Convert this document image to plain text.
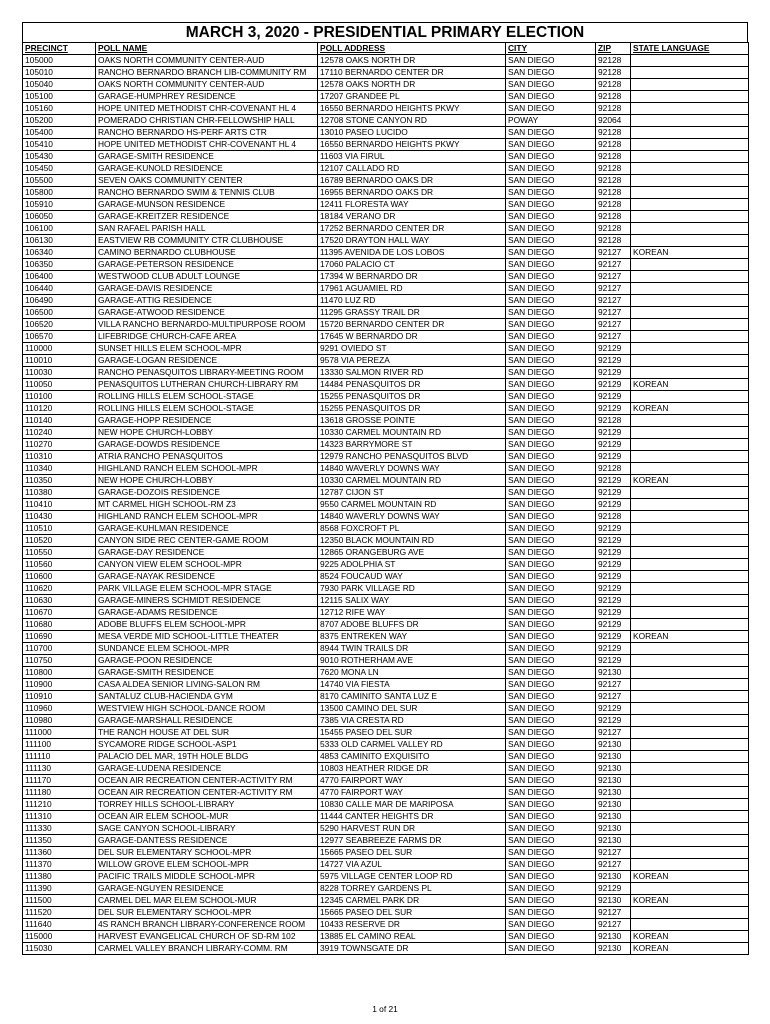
MARCH 3, 2020 - PRESIDENTIAL PRIMARY ELECTION
PRECINCT	POLL NAME	POLL ADDRESS	CITY	ZIP	STATE LANGUAGE
105000	OAKS NORTH COMMUNITY CENTER-AUD	12578 OAKS NORTH DR	SAN DIEGO	92128	
105010	RANCHO BERNARDO BRANCH LIB-COMMUNITY RM	17110 BERNARDO CENTER DR	SAN DIEGO	92128	
105040	OAKS NORTH COMMUNITY CENTER-AUD	12578 OAKS NORTH DR	SAN DIEGO	92128	
105100	GARAGE-HUMPHREY RESIDENCE	17207 GRANDEE PL	SAN DIEGO	92128	
105160	HOPE UNITED METHODIST CHR-COVENANT HL 4	16550 BERNARDO HEIGHTS PKWY	SAN DIEGO	92128	
105200	POMERADO CHRISTIAN CHR-FELLOWSHIP HALL	12708 STONE CANYON RD	POWAY	92064	
105400	RANCHO BERNARDO HS-PERF ARTS CTR	13010 PASEO LUCIDO	SAN DIEGO	92128	
105410	HOPE UNITED METHODIST CHR-COVENANT HL 4	16550 BERNARDO HEIGHTS PKWY	SAN DIEGO	92128	
105430	GARAGE-SMITH RESIDENCE	11603 VIA FIRUL	SAN DIEGO	92128	
105450	GARAGE-KUNOLD RESIDENCE	12107 CALLADO RD	SAN DIEGO	92128	
105500	SEVEN OAKS COMMUNITY CENTER	16789 BERNARDO OAKS DR	SAN DIEGO	92128	
105800	RANCHO BERNARDO SWIM & TENNIS CLUB	16955 BERNARDO OAKS DR	SAN DIEGO	92128	
105910	GARAGE-MUNSON RESIDENCE	12411 FLORESTA WAY	SAN DIEGO	92128	
106050	GARAGE-KREITZER RESIDENCE	18184 VERANO DR	SAN DIEGO	92128	
106100	SAN RAFAEL PARISH HALL	17252 BERNARDO CENTER DR	SAN DIEGO	92128	
106130	EASTVIEW RB COMMUNITY CTR CLUBHOUSE	17520 DRAYTON HALL WAY	SAN DIEGO	92128	
106340	CAMINO BERNARDO CLUBHOUSE	11395 AVENIDA DE LOS LOBOS	SAN DIEGO	92127	KOREAN
106350	GARAGE-PETERSON RESIDENCE	17060 PALACIO CT	SAN DIEGO	92127	
106400	WESTWOOD CLUB ADULT LOUNGE	17394 W BERNARDO DR	SAN DIEGO	92127	
106440	GARAGE-DAVIS RESIDENCE	17961 AGUAMIEL RD	SAN DIEGO	92127	
106490	GARAGE-ATTIG RESIDENCE	11470 LUZ RD	SAN DIEGO	92127	
106500	GARAGE-ATWOOD RESIDENCE	11295 GRASSY TRAIL DR	SAN DIEGO	92127	
106520	VILLA RANCHO BERNARDO-MULTIPURPOSE ROOM	15720 BERNARDO CENTER DR	SAN DIEGO	92127	
106570	LIFEBRIDGE CHURCH-CAFE AREA	17645 W BERNARDO DR	SAN DIEGO	92127	
110000	SUNSET HILLS ELEM SCHOOL-MPR	9291 OVIEDO ST	SAN DIEGO	92129	
110010	GARAGE-LOGAN RESIDENCE	9578 VIA PEREZA	SAN DIEGO	92129	
110030	RANCHO PENASQUITOS LIBRARY-MEETING ROOM	13330 SALMON RIVER RD	SAN DIEGO	92129	
110050	PENASQUITOS LUTHERAN CHURCH-LIBRARY RM	14484 PENASQUITOS DR	SAN DIEGO	92129	KOREAN
110100	ROLLING HILLS ELEM SCHOOL-STAGE	15255 PENASQUITOS DR	SAN DIEGO	92129	
110120	ROLLING HILLS ELEM SCHOOL-STAGE	15255 PENASQUITOS DR	SAN DIEGO	92129	KOREAN
110140	GARAGE-HOPP RESIDENCE	13618 GROSSE POINTE	SAN DIEGO	92128	
110240	NEW HOPE CHURCH-LOBBY	10330 CARMEL MOUNTAIN RD	SAN DIEGO	92129	
110270	GARAGE-DOWDS RESIDENCE	14323 BARRYMORE ST	SAN DIEGO	92129	
110310	ATRIA RANCHO PENASQUITOS	12979 RANCHO PENASQUITOS BLVD	SAN DIEGO	92129	
110340	HIGHLAND RANCH ELEM SCHOOL-MPR	14840 WAVERLY DOWNS WAY	SAN DIEGO	92128	
110350	NEW HOPE CHURCH-LOBBY	10330 CARMEL MOUNTAIN RD	SAN DIEGO	92129	KOREAN
110380	GARAGE-DOZOIS RESIDENCE	12787 CIJON ST	SAN DIEGO	92129	
110410	MT CARMEL HIGH SCHOOL-RM Z3	9550 CARMEL MOUNTAIN RD	SAN DIEGO	92129	
110430	HIGHLAND RANCH ELEM SCHOOL-MPR	14840 WAVERLY DOWNS WAY	SAN DIEGO	92128	
110510	GARAGE-KUHLMAN RESIDENCE	8568 FOXCROFT PL	SAN DIEGO	92129	
110520	CANYON SIDE REC CENTER-GAME ROOM	12350 BLACK MOUNTAIN RD	SAN DIEGO	92129	
110550	GARAGE-DAY RESIDENCE	12865 ORANGEBURG AVE	SAN DIEGO	92129	
110560	CANYON VIEW ELEM SCHOOL-MPR	9225 ADOLPHIA ST	SAN DIEGO	92129	
110600	GARAGE-NAYAK RESIDENCE	8524 FOUCAUD WAY	SAN DIEGO	92129	
110620	PARK VILLAGE ELEM SCHOOL-MPR STAGE	7930 PARK VILLAGE RD	SAN DIEGO	92129	
110630	GARAGE-MINERS SCHMIDT RESIDENCE	12115 SALIX WAY	SAN DIEGO	92129	
110670	GARAGE-ADAMS RESIDENCE	12712 RIFE WAY	SAN DIEGO	92129	
110680	ADOBE BLUFFS ELEM SCHOOL-MPR	8707 ADOBE BLUFFS DR	SAN DIEGO	92129	
110690	MESA VERDE MID SCHOOL-LITTLE THEATER	8375 ENTREKEN WAY	SAN DIEGO	92129	KOREAN
110700	SUNDANCE ELEM SCHOOL-MPR	8944 TWIN TRAILS DR	SAN DIEGO	92129	
110750	GARAGE-POON RESIDENCE	9010 ROTHERHAM AVE	SAN DIEGO	92129	
110800	GARAGE-SMITH RESIDENCE	7620 MONA LN	SAN DIEGO	92130	
110900	CASA ALDEA SENIOR LIVING-SALON RM	14740 VIA FIESTA	SAN DIEGO	92127	
110910	SANTALUZ CLUB-HACIENDA GYM	8170 CAMINITO SANTA LUZ E	SAN DIEGO	92127	
110960	WESTVIEW HIGH SCHOOL-DANCE ROOM	13500 CAMINO DEL SUR	SAN DIEGO	92129	
110980	GARAGE-MARSHALL RESIDENCE	7385 VIA CRESTA RD	SAN DIEGO	92129	
111000	THE RANCH HOUSE AT DEL SUR	15455 PASEO DEL SUR	SAN DIEGO	92127	
111100	SYCAMORE RIDGE SCHOOL-ASP1	5333 OLD CARMEL VALLEY RD	SAN DIEGO	92130	
111110	PALACIO DEL MAR, 19TH HOLE BLDG	4853 CAMINITO EXQUISITO	SAN DIEGO	92130	
111130	GARAGE-LUDENA RESIDENCE	10803 HEATHER RIDGE DR	SAN DIEGO	92130	
111170	OCEAN AIR RECREATION CENTER-ACTIVITY RM	4770 FAIRPORT WAY	SAN DIEGO	92130	
111180	OCEAN AIR RECREATION CENTER-ACTIVITY RM	4770 FAIRPORT WAY	SAN DIEGO	92130	
111210	TORREY HILLS SCHOOL-LIBRARY	10830 CALLE MAR DE MARIPOSA	SAN DIEGO	92130	
111310	OCEAN AIR ELEM SCHOOL-MUR	11444 CANTER HEIGHTS DR	SAN DIEGO	92130	
111330	SAGE CANYON SCHOOL-LIBRARY	5290 HARVEST RUN DR	SAN DIEGO	92130	
111350	GARAGE-DANTESS RESIDENCE	12977 SEABREEZE FARMS DR	SAN DIEGO	92130	
111360	DEL SUR ELEMENTARY SCHOOL-MPR	15665 PASEO DEL SUR	SAN DIEGO	92127	
111370	WILLOW GROVE ELEM SCHOOL-MPR	14727 VIA AZUL	SAN DIEGO	92127	
111380	PACIFIC TRAILS MIDDLE SCHOOL-MPR	5975 VILLAGE CENTER LOOP RD	SAN DIEGO	92130	KOREAN
111390	GARAGE-NGUYEN RESIDENCE	8228 TORREY GARDENS PL	SAN DIEGO	92129	
111500	CARMEL DEL MAR ELEM SCHOOL-MUR	12345 CARMEL PARK DR	SAN DIEGO	92130	KOREAN
111520	DEL SUR ELEMENTARY SCHOOL-MPR	15665 PASEO DEL SUR	SAN DIEGO	92127	
111640	4S RANCH BRANCH LIBRARY-CONFERENCE ROOM	10433 RESERVE DR	SAN DIEGO	92127	
115000	HARVEST EVANGELICAL CHURCH OF SD-RM 102	13885 EL CAMINO REAL	SAN DIEGO	92130	KOREAN
115030	CARMEL VALLEY BRANCH LIBRARY-COMM. RM	3919 TOWNSGATE DR	SAN DIEGO	92130	KOREAN
1 of 21
